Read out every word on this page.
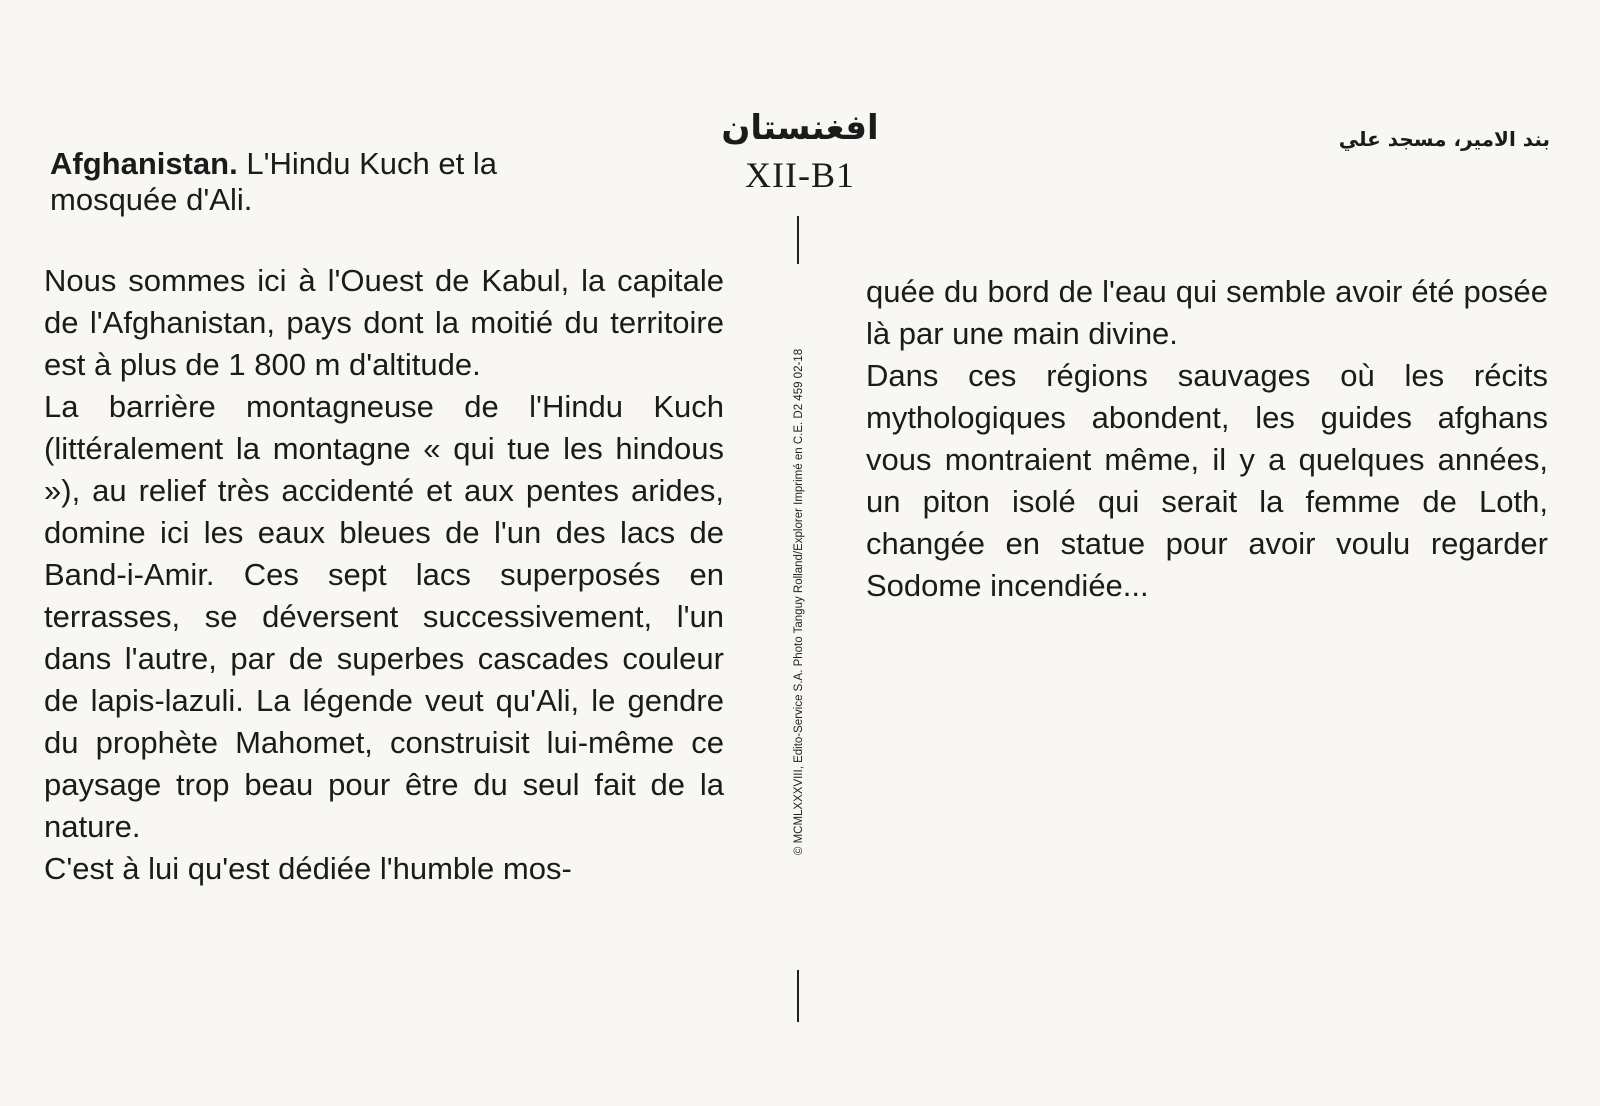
Afghanistan. L'Hindu Kuch et la mosquée d'Ali.
افغنستان
XII-B1
بند الامير، مسجد علي
© MCMLXXXVIII, Edito-Service S.A. Photo Tanguy Rolland/Explorer Imprimé en C.E. D2 459 02-18

Nous sommes ici à l'Ouest de Kabul, la capitale de l'Afghanistan, pays dont la moitié du territoire est à plus de 1 800 m d'altitude.

La barrière montagneuse de l'Hindu Kuch (littéralement la montagne « qui tue les hindous »), au relief très accidenté et aux pentes arides, domine ici les eaux bleues de l'un des lacs de Band-i-Amir. Ces sept lacs superposés en terrasses, se déversent successivement, l'un dans l'autre, par de superbes cascades couleur de lapis-lazuli. La légende veut qu'Ali, le gendre du prophète Mahomet, construisit lui-même ce paysage trop beau pour être du seul fait de la nature.

C'est à lui qu'est dédiée l'humble mos-

quée du bord de l'eau qui semble avoir été posée là par une main divine.

Dans ces régions sauvages où les récits mythologiques abondent, les guides afghans vous montraient même, il y a quelques années, un piton isolé qui serait la femme de Loth, changée en statue pour avoir voulu regarder Sodome incendiée...
